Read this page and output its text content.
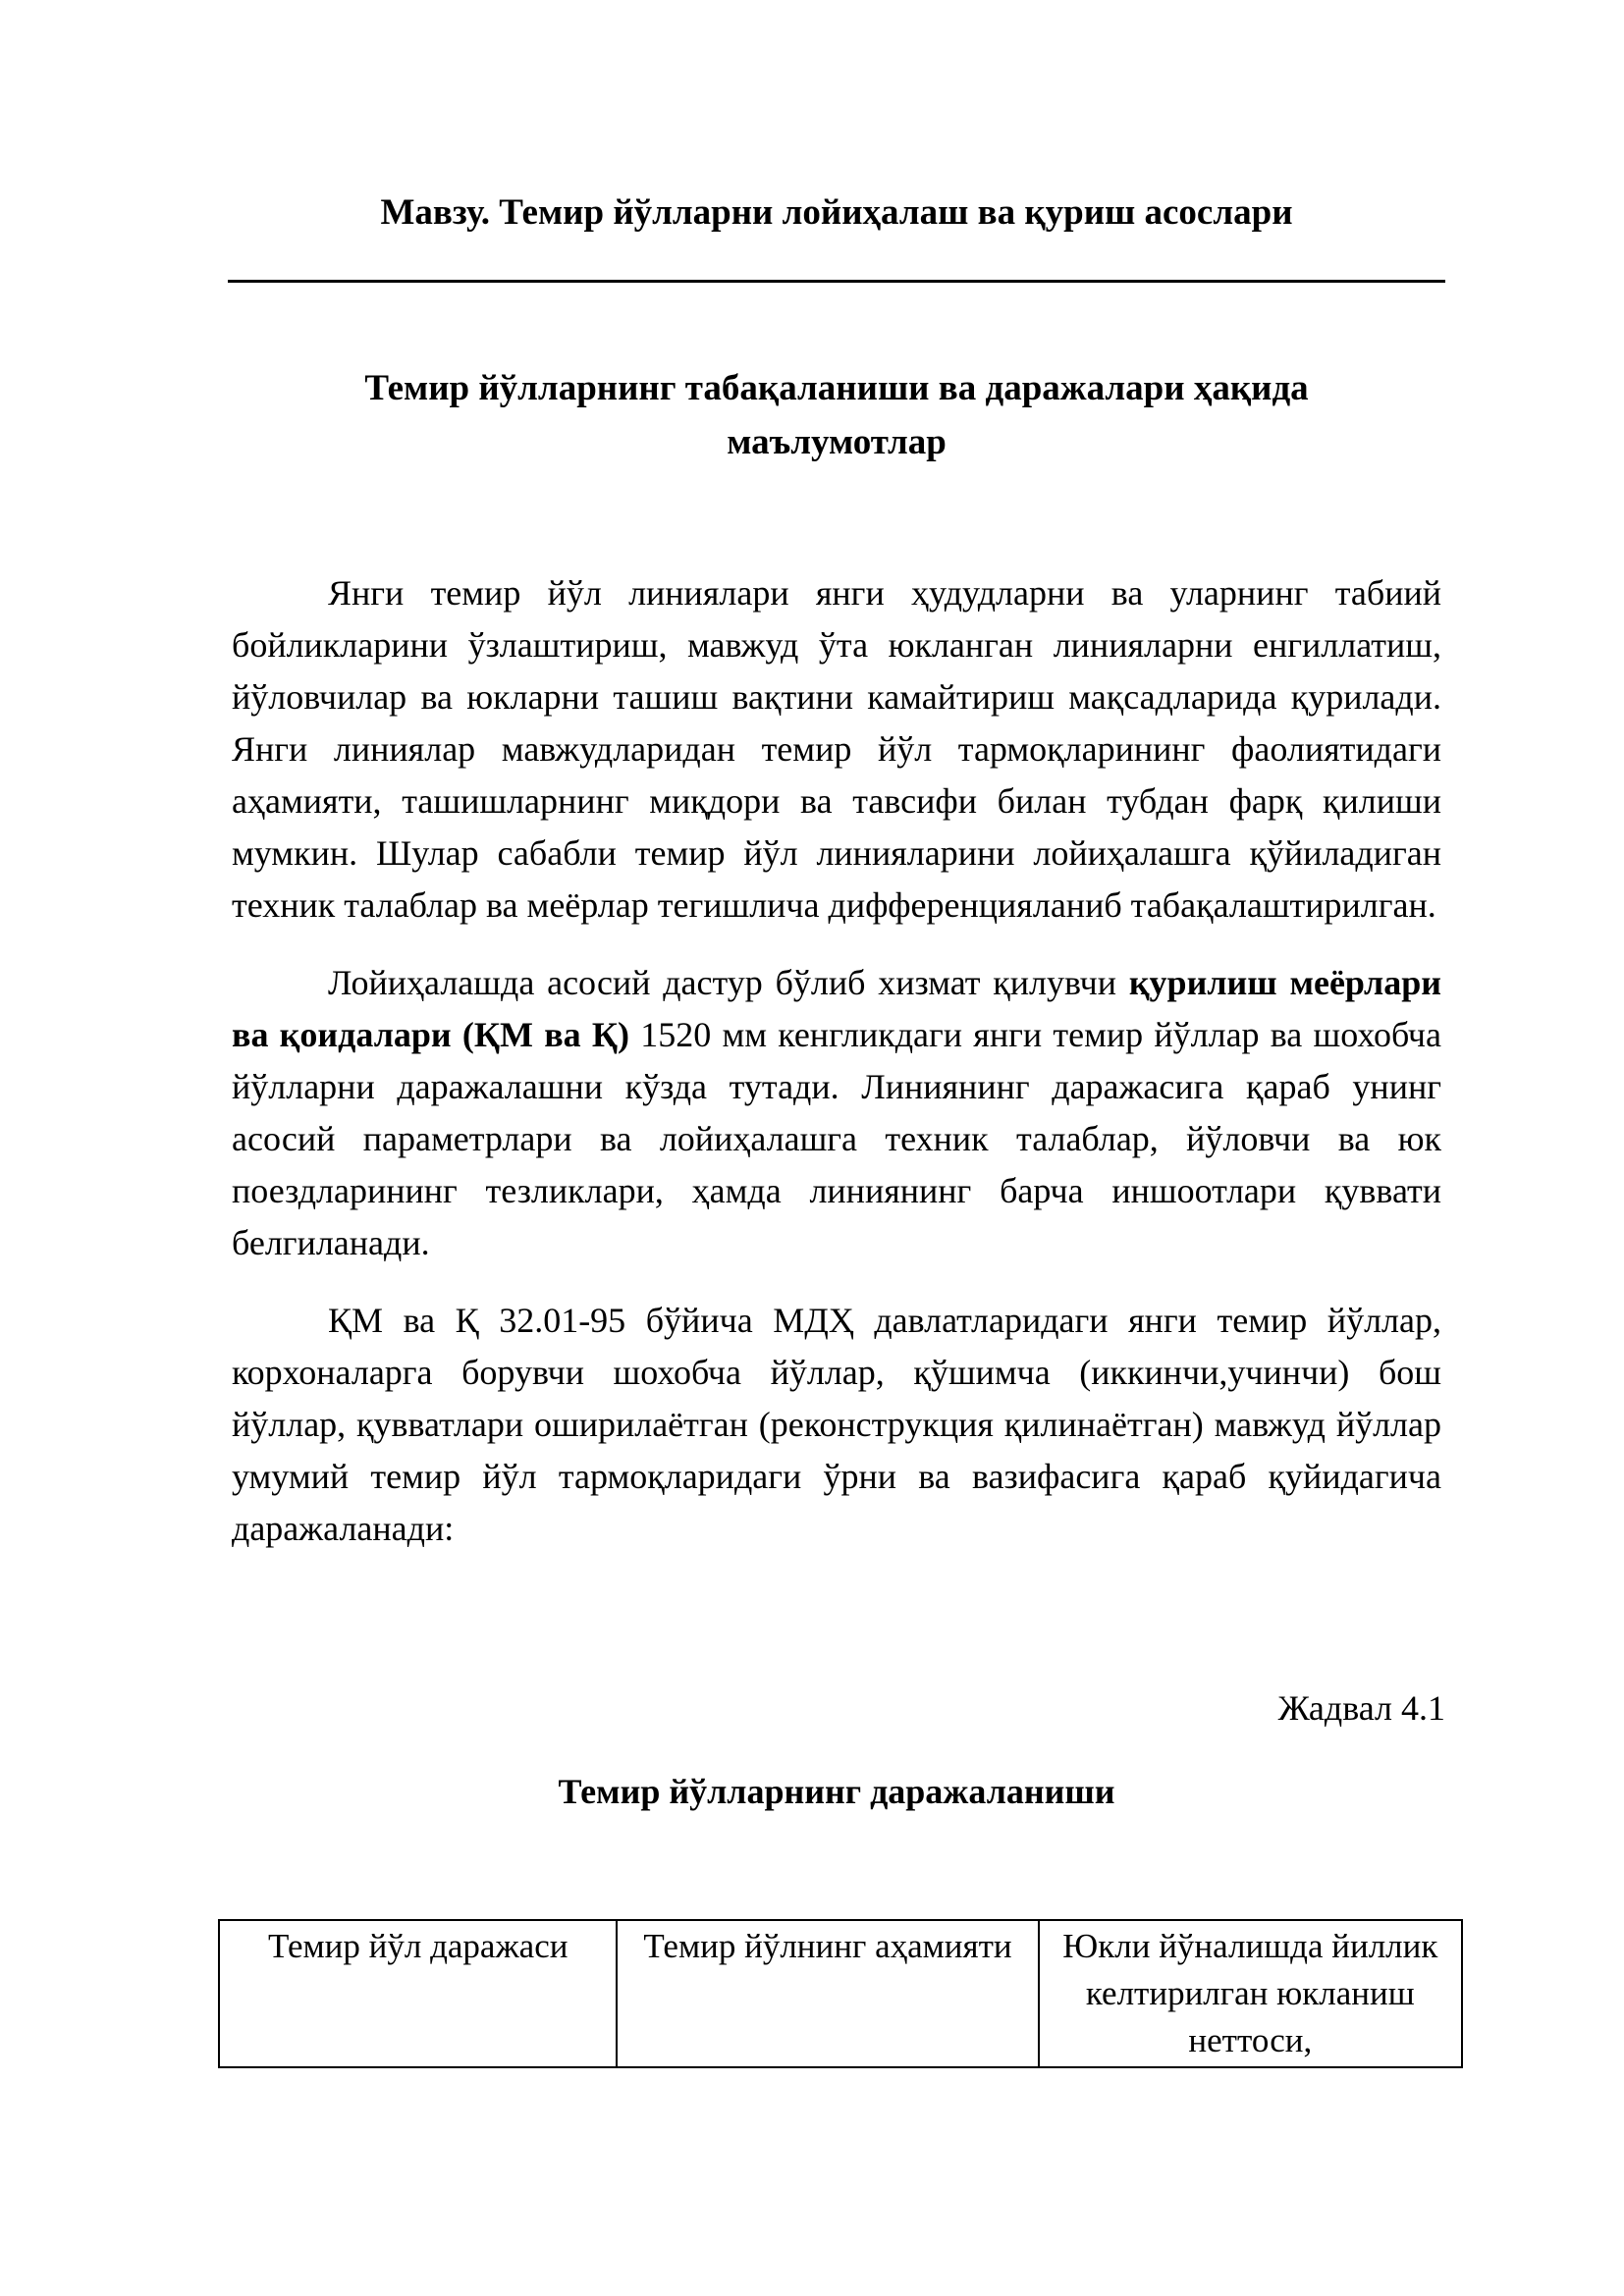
Мавзу. Темир йўлларни лойиҳалаш ва қуриш асослари
Темир йўлларнинг табақаланиши ва даражалари ҳақида
маълумотлар

Янги темир йўл линиялари янги ҳудудларни ва уларнинг табиий бойликларини ўзлаштириш, мавжуд ўта юкланган линияларни енгиллатиш, йўловчилар ва юкларни ташиш вақтини камайтириш мақсадларида қурилади. Янги линиялар мавжудларидан темир йўл тармоқларининг фаолиятидаги аҳамияти, ташишларнинг миқдори ва тавсифи билан тубдан фарқ қилиши мумкин. Шулар сабабли темир йўл линияларини лойиҳалашга қўйиладиган техник талаблар ва меёрлар тегишлича дифференцияланиб табақалаштирилган.

Лойиҳалашда асосий дастур бўлиб хизмат қилувчи қурилиш меёрлари ва қоидалари (ҚМ ва Қ) 1520 мм кенгликдаги янги темир йўллар ва шохобча йўлларни даражалашни кўзда тутади. Линиянинг даражасига қараб унинг асосий параметрлари ва лойиҳалашга техник талаблар, йўловчи ва юк поездларининг тезликлари, ҳамда линиянинг барча иншоотлари қуввати белгиланади.

ҚМ ва Қ 32.01-95 бўйича МДҲ давлатларидаги янги темир йўллар, корхоналарга борувчи шохобча йўллар, қўшимча (иккинчи,учинчи) бош йўллар, қувватлари оширилаётган (реконструкция қилинаётган) мавжуд йўллар умумий темир йўл тармоқларидаги ўрни ва вазифасига қараб қуйидагича даражаланади:

Жадвал 4.1

Темир йўлларнинг даражаланиши

Темир йўл даражаси	Темир йўлнинг аҳамияти	Юкли йўналишда йиллик келтирилган юкланиш неттоси,
